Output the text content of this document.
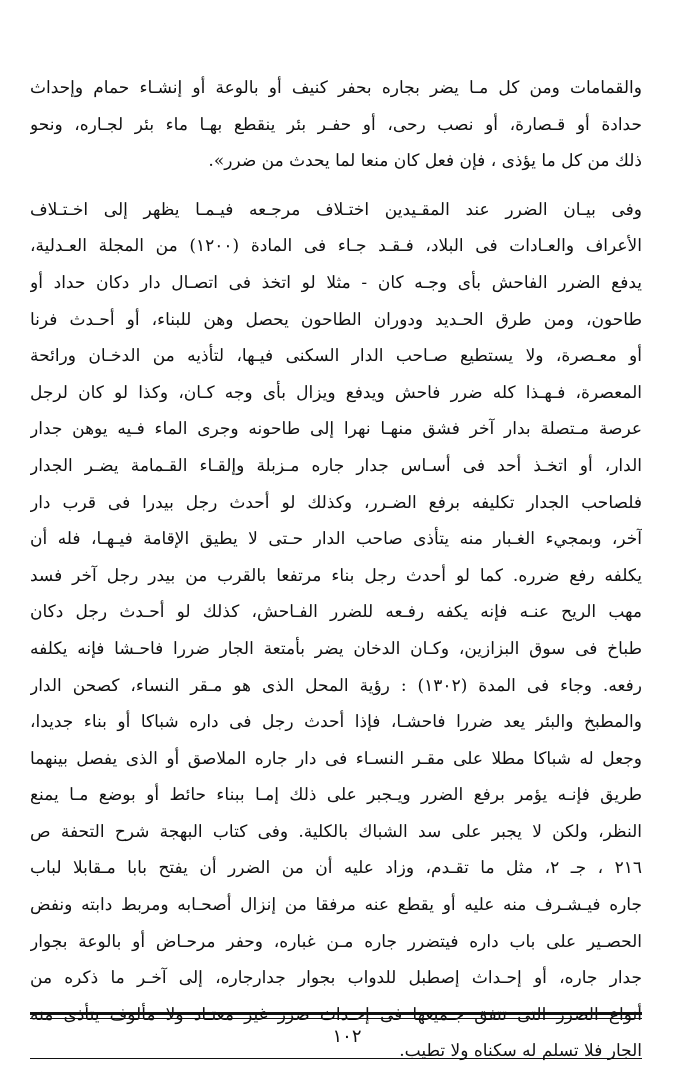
والقمامات ومن كل مـا يضر بجاره بحفر كنيف أو بالوعة أو إنشـاء حمام وإحداث
حدادة أو قـصارة، أو نصب رحى، أو حفـر بئر ينقطع بهـا ماء بئر لجـاره، ونحو
ذلك من كل ما يؤذى ، فإن فعل كان منعا لما يحدث من ضرر».
وفى بيـان الضرر عند المقـيدين اختـلاف مرجـعه فيـمـا يظهر إلى اخـتـلاف
الأعراف والعـادات فى البلاد، فـقـد جـاء فى المادة (١٢٠٠) من المجلة العـدلية،
يدفع الضرر الفاحش بأى وجـه كان - مثلا لو اتخذ فى اتصـال دار دكان حداد أو
طاحون، ومن طرق الحـديد ودوران الطاحون يحصل وهن للبناء، أو أحـدث فرنا
أو معـصرة، ولا يستطيع صـاحب الدار السكنى فيـها، لتأذيه من الدخـان ورائحة
المعصرة، فـهـذا كله ضرر فاحش ويدفع ويزال بأى وجه كـان، وكذا لو كان لرجل
عرصة مـتصلة بدار آخر فشق منهـا نهرا إلى طاحونه وجرى الماء فـيه يوهن جدار
الدار، أو اتخـذ أحد فى أسـاس جدار جاره مـزبلة وإلقـاء القـمامة يضـر الجدار
فلصاحب الجدار تكليفه برفع الضـرر، وكذلك لو أحدث رجل بيدرا فى قرب دار
آخر، وبمجيء الغـبار منه يتأذى صاحب الدار حـتى لا يطيق الإقامة فيـهـا، فله أن
يكلفه رفع ضرره. كما لو أحدث رجل بناء مرتفعا بالقرب من بيدر رجل آخر فسد
مهب الريح عنـه فإنه يكفه رفـعه للضرر الفـاحش، كذلك لو أحـدث رجل دكان
طباخ فى سوق البزازين، وكـان الدخان يضر بأمتعة الجار ضررا فاحـشا فإنه يكلفه
رفعه. وجاء فى المدة (١٣٠٢) : رؤية المحل الذى هو مـقر النساء، كصحن الدار
والمطبخ والبئر يعد ضررا فاحشـا، فإذا أحدث رجل فى داره شباكا أو بناء جديدا،
وجعل له شباكا مطلا على مقـر النسـاء فى دار جاره الملاصق أو الذى يفصل بينهما
طريق فإنـه يؤمر برفع الضرر ويـجبر على ذلك إمـا ببناء حائط أو بوضع مـا يمنع
النظر، ولكن لا يجبر على سد الشباك بالكلية. وفى كتاب البهجة شرح التحفة ص
٢١٦ ، جـ ٢، مثل ما تقـدم، وزاد عليه أن من الضرر أن يفتح بابا مـقابلا لباب
جاره فيـشـرف منه عليه أو يقطع عنه مرفقا من إنزال أصحـابه ومربط دابته ونفض
الحصـير على باب داره فيتضرر جاره مـن غباره، وحفر مرحـاض أو بالوعة بجوار
جدار جاره، أو إحـداث إصطبل للدواب بجوار جدارجاره، إلى آخـر ما ذكره من
أنواع الضرر التى تتفق جـميعها فى إحـداث ضرر غير معتـاد ولا مألوف يتأذى منه
الجار فلا تسلم له سكناه ولا تطيب.
١٠٢
